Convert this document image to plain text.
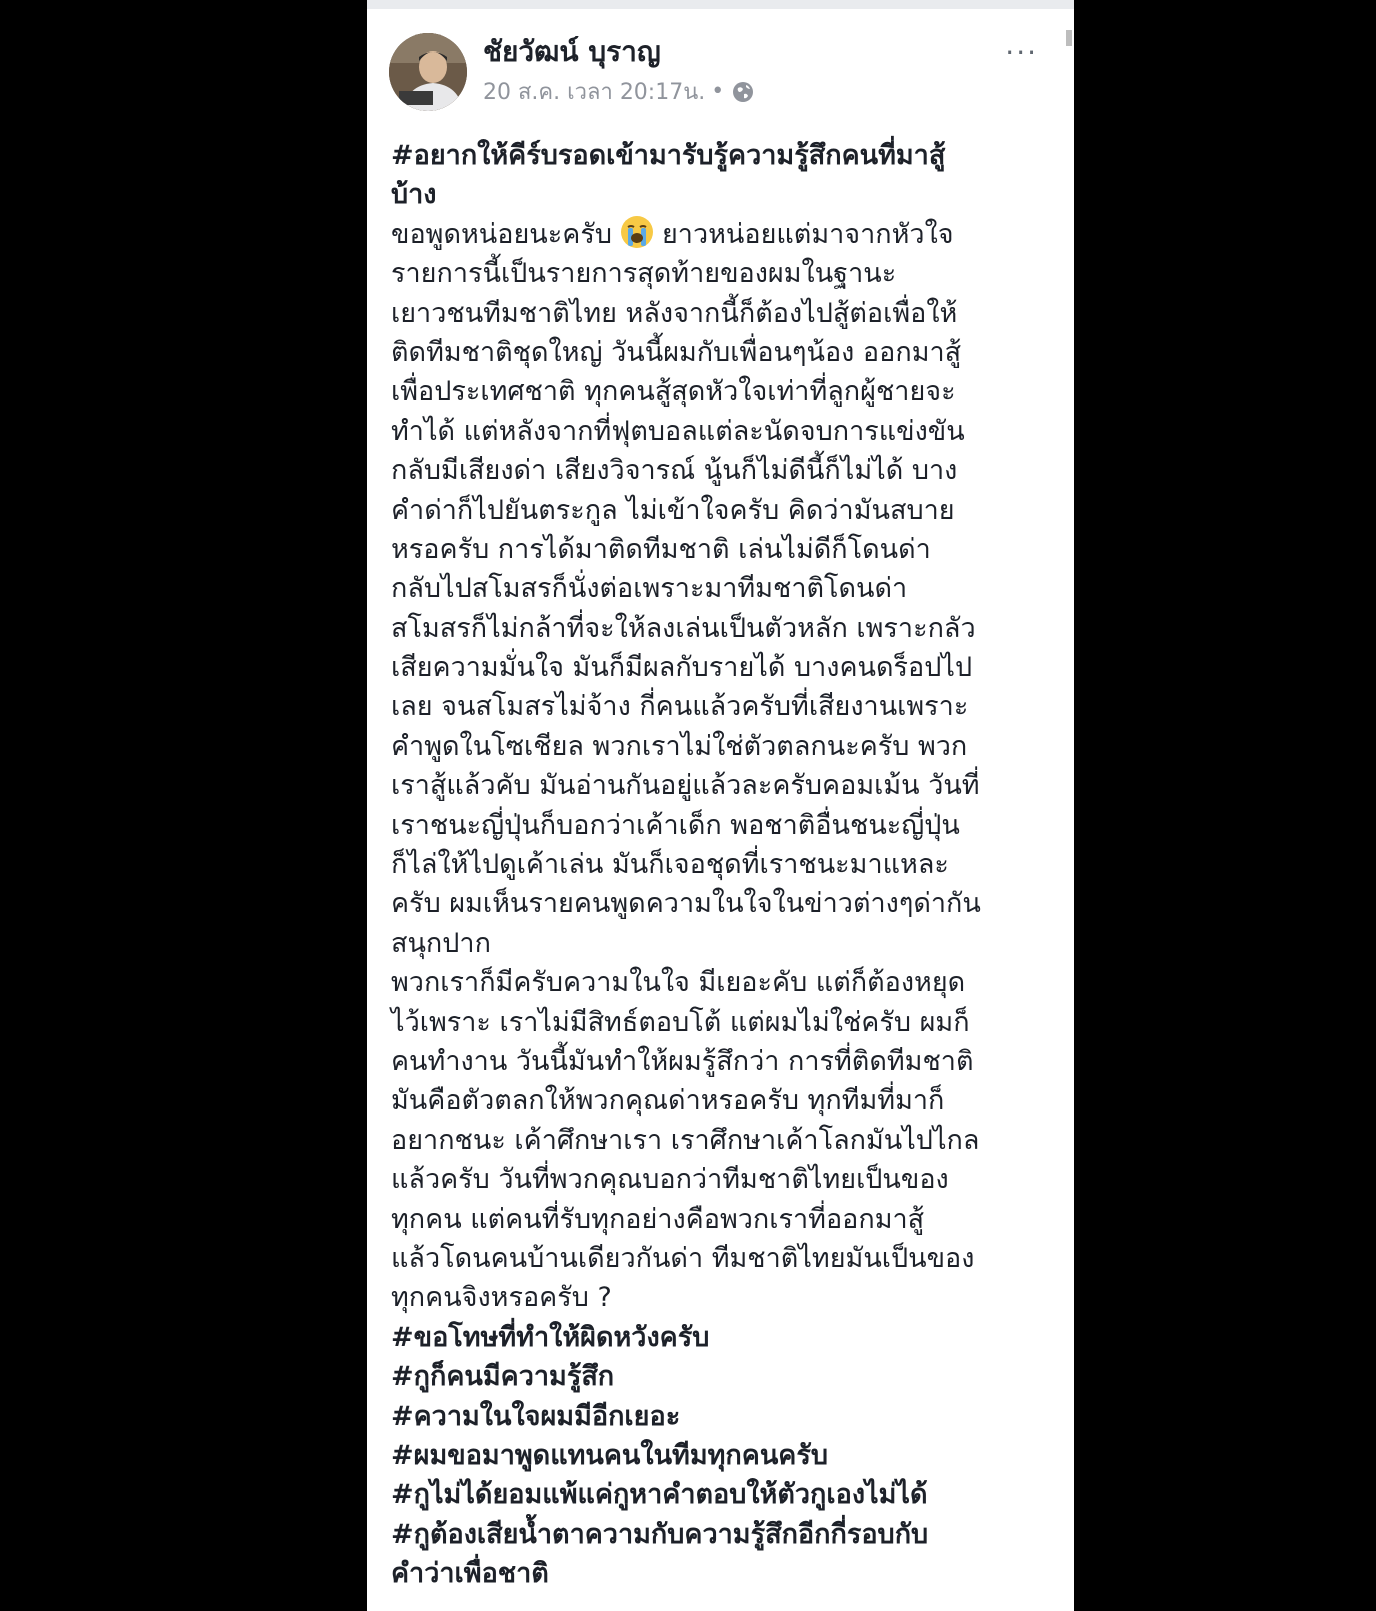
ชัยวัฒน์ บุราญ
20 ส.ค. เวลา 20:17น. •
···
#อยากให้คีร์บรอดเข้ามารับรู้ความรู้สึกคนที่มาสู้
บ้าง
ขอพูดหน่อยนะครับ ยาวหน่อยแต่มาจากหัวใจ
รายการนี้เป็นรายการสุดท้ายของผมในฐานะ
เยาวชนทีมชาติไทย หลังจากนี้ก็ต้องไปสู้ต่อเพื่อให้
ติดทีมชาติชุดใหญ่ วันนี้ผมกับเพื่อนๆน้อง ออกมาสู้
เพื่อประเทศชาติ ทุกคนสู้สุดหัวใจเท่าที่ลูกผู้ชายจะ
ทำได้ แต่หลังจากที่ฟุตบอลแต่ละนัดจบการแข่งขัน
กลับมีเสียงด่า เสียงวิจารณ์ นู้นก็ไม่ดีนี้ก็ไม่ได้ บาง
คำด่าก็ไปยันตระกูล ไม่เข้าใจครับ คิดว่ามันสบาย
หรอครับ การได้มาติดทีมชาติ เล่นไม่ดีก็โดนด่า
กลับไปสโมสรก็นั่งต่อเพราะมาทีมชาติโดนด่า
สโมสรก็ไม่กล้าที่จะให้ลงเล่นเป็นตัวหลัก เพราะกลัว
เสียความมั่นใจ มันก็มีผลกับรายได้ บางคนดร็อปไป
เลย จนสโมสรไม่จ้าง กี่คนแล้วครับที่เสียงานเพราะ
คำพูดในโซเชียล พวกเราไม่ใช่ตัวตลกนะครับ พวก
เราสู้แล้วคับ มันอ่านกันอยู่แล้วละครับคอมเม้น วันที่
เราชนะญี่ปุ่นก็บอกว่าเค้าเด็ก พอชาติอื่นชนะญี่ปุ่น
ก็ไล่ให้ไปดูเค้าเล่น มันก็เจอชุดที่เราชนะมาแหละ
ครับ ผมเห็นรายคนพูดความในใจในข่าวต่างๆด่ากัน
สนุกปาก
พวกเราก็มีครับความในใจ มีเยอะคับ แต่ก็ต้องหยุด
ไว้เพราะ เราไม่มีสิทธ์ตอบโต้ แต่ผมไม่ใช่ครับ ผมก็
คนทำงาน วันนี้มันทำให้ผมรู้สึกว่า การที่ติดทีมชาติ
มันคือตัวตลกให้พวกคุณด่าหรอครับ ทุกทีมที่มาก็
อยากชนะ เค้าศึกษาเรา เราศึกษาเค้าโลกมันไปไกล
แล้วครับ วันที่พวกคุณบอกว่าทีมชาติไทยเป็นของ
ทุกคน แต่คนที่รับทุกอย่างคือพวกเราที่ออกมาสู้
แล้วโดนคนบ้านเดียวกันด่า ทีมชาติไทยมันเป็นของ
ทุกคนจิงหรอครับ ?
#ขอโทษที่ทำให้ผิดหวังครับ
#กูก็คนมีความรู้สึก
#ความในใจผมมีอีกเยอะ
#ผมขอมาพูดแทนคนในทีมทุกคนครับ
#กูไม่ได้ยอมแพ้แค่กูหาคำตอบให้ตัวกูเองไม่ได้
#กูต้องเสียน้ำตาความกับความรู้สึกอีกกี่รอบกับ
คำว่าเพื่อชาติ
